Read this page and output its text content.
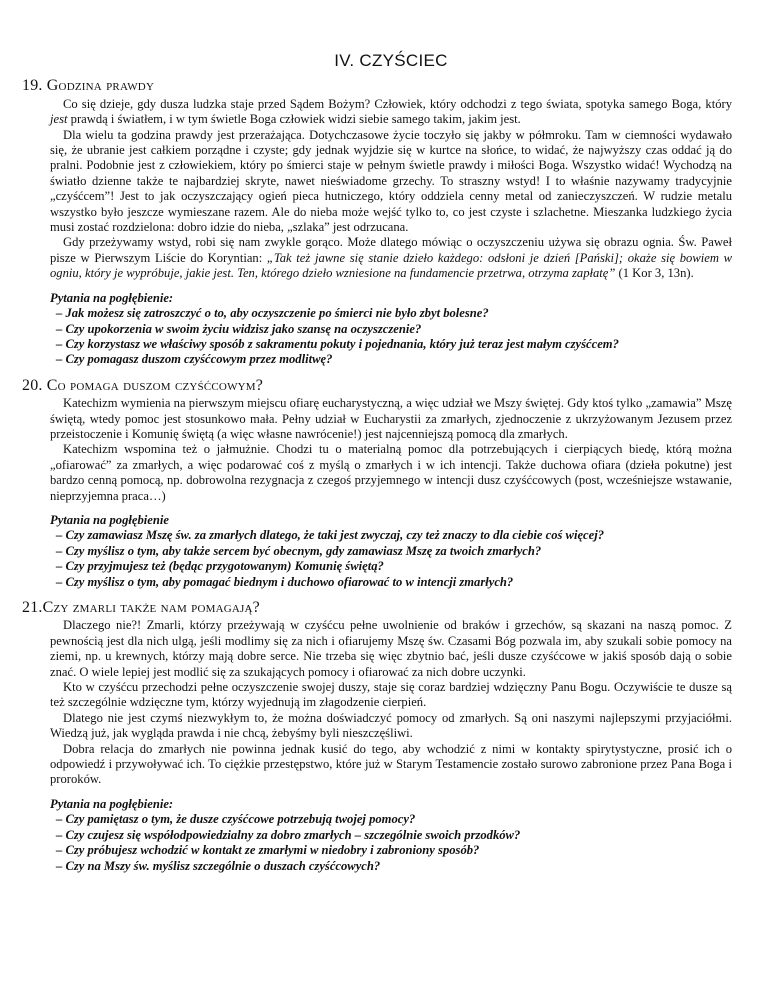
IV. CZYŚCIEC
19. Godzina prawdy

Co się dzieje, gdy dusza ludzka staje przed Sądem Bożym? Człowiek, który odchodzi z tego świata, spotyka samego Boga, który jest prawdą i światłem, i w tym świetle Boga człowiek widzi siebie samego takim, jakim jest.

Dla wielu ta godzina prawdy jest przerażająca. Dotychczasowe życie toczyło się jakby w półmroku. Tam w ciemności wydawało się, że ubranie jest całkiem porządne i czyste; gdy jednak wyjdzie się w kurtce na słońce, to widać, że najwyższy czas oddać ją do pralni. Podobnie jest z człowiekiem, który po śmierci staje w pełnym świetle prawdy i miłości Boga. Wszystko widać! Wychodzą na światło dzienne także te najbardziej skryte, nawet nieświadome grzechy. To straszny wstyd! I to właśnie nazywamy tradycyjnie „czyśćcem”! Jest to jak oczyszczający ogień pieca hutniczego, który oddziela cenny metal od zanieczyszczeń. W rudzie metalu wszystko było jeszcze wymieszane razem. Ale do nieba może wejść tylko to, co jest czyste i szlachetne. Mieszanka ludzkiego życia musi zostać rozdzielona: dobro idzie do nieba, „szlaka” jest odrzucana.

Gdy przeżywamy wstyd, robi się nam zwykle gorąco. Może dlatego mówiąc o oczyszczeniu używa się obrazu ognia. Św. Paweł pisze w Pierwszym Liście do Koryntian: „Tak też jawne się stanie dzieło każdego: odsłoni je dzień [Pański]; okaże się bowiem w ogniu, który je wypróbuje, jakie jest. Ten, którego dzieło wzniesione na fundamencie przetrwa, otrzyma zapłatę” (1 Kor 3, 13n).

Pytania na pogłębienie:

– Jak możesz się zatroszczyć o to, aby oczyszczenie po śmierci nie było zbyt bolesne?

– Czy upokorzenia w swoim życiu widzisz jako szansę na oczyszczenie?

– Czy korzystasz we właściwy sposób z sakramentu pokuty i pojednania, który już teraz jest małym czyśćcem?

– Czy pomagasz duszom czyśćcowym przez modlitwę?

20. Co pomaga duszom czyśćcowym?

Katechizm wymienia na pierwszym miejscu ofiarę eucharystyczną, a więc udział we Mszy świętej. Gdy ktoś tylko „zamawia” Mszę świętą, wtedy pomoc jest stosunkowo mała. Pełny udział w Eucharystii za zmarłych, zjednoczenie z ukrzyżowanym Jezusem przez przeistoczenie i Komunię świętą (a więc własne nawrócenie!) jest najcenniejszą pomocą dla zmarłych.

Katechizm wspomina też o jałmużnie. Chodzi tu o materialną pomoc dla potrzebujących i cierpiących biedę, którą można „ofiarować” za zmarłych, a więc podarować coś z myślą o zmarłych i w ich intencji. Także duchowa ofiara (dzieła pokutne) jest bardzo cenną pomocą, np. dobrowolna rezygnacja z czegoś przyjemnego w intencji dusz czyśćcowych (post, wcześniejsze wstawanie, nieprzyjemna praca…)

Pytania na pogłębienie

– Czy zamawiasz Mszę św. za zmarłych dlatego, że taki jest zwyczaj, czy też znaczy to dla ciebie coś więcej?

– Czy myślisz o tym, aby także sercem być obecnym, gdy zamawiasz Mszę za twoich zmarłych?

– Czy przyjmujesz też (będąc przygotowanym) Komunię świętą?

– Czy myślisz o tym, aby pomagać biednym i duchowo ofiarować to w intencji zmarłych?

21.Czy zmarli także nam pomagają?

Dlaczego nie?! Zmarli, którzy przeżywają w czyśćcu pełne uwolnienie od braków i grzechów, są skazani na naszą pomoc. Z pewnością jest dla nich ulgą, jeśli modlimy się za nich i ofiarujemy Mszę św. Czasami Bóg pozwala im, aby szukali sobie pomocy na ziemi, np. u krewnych, którzy mają dobre serce. Nie trzeba się więc zbytnio bać, jeśli dusze czyśćcowe w jakiś sposób dają o sobie znać. O wiele lepiej jest modlić się za szukających pomocy i ofiarować za nich dobre uczynki.

Kto w czyśćcu przechodzi pełne oczyszczenie swojej duszy, staje się coraz bardziej wdzięczny Panu Bogu. Oczywiście te dusze są też szczególnie wdzięczne tym, którzy wyjednują im złagodzenie cierpień.

Dlatego nie jest czymś niezwykłym to, że można doświadczyć pomocy od zmarłych. Są oni naszymi najlepszymi przyjaciółmi. Wiedzą już, jak wygląda prawda i nie chcą, żebyśmy byli nieszczęśliwi.

Dobra relacja do zmarłych nie powinna jednak kusić do tego, aby wchodzić z nimi w kontakty spirytystyczne, prosić ich o odpowiedź i przywoływać ich. To ciężkie przestępstwo, które już w Starym Testamencie zostało surowo zabronione przez Pana Boga i proroków.

Pytania na pogłębienie:

– Czy pamiętasz o tym, że dusze czyśćcowe potrzebują twojej pomocy?

– Czy czujesz się współodpowiedzialny za dobro zmarłych – szczególnie swoich przodków?

– Czy próbujesz wchodzić w kontakt ze zmarłymi w niedobry i zabroniony sposób?

– Czy na Mszy św. myślisz szczególnie o duszach czyśćcowych?
